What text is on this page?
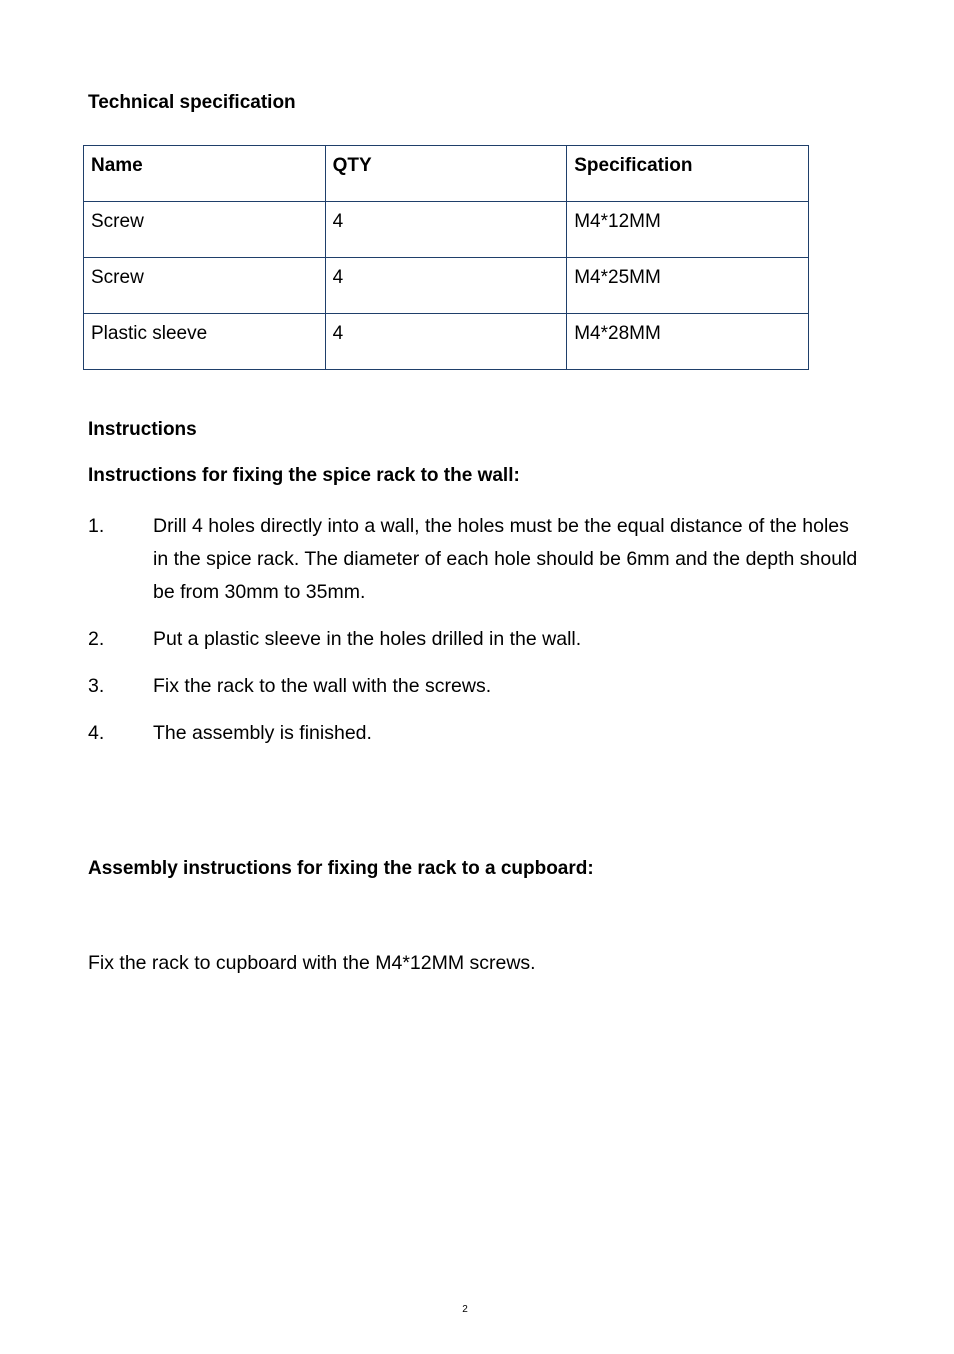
Technical specification
Name	QTY	Specification
Screw	4	M4*12MM
Screw	4	M4*25MM
Plastic sleeve	4	M4*28MM
Instructions
Instructions for fixing the spice rack to the wall:
1. Drill 4 holes directly into a wall, the holes must be the equal distance of the holes in the spice rack. The diameter of each hole should be 6mm and the depth should be from 30mm to 35mm.
2. Put a plastic sleeve in the holes drilled in the wall.
3. Fix the rack to the wall with the screws.
4. The assembly is finished.
Assembly instructions for fixing the rack to a cupboard:
Fix the rack to cupboard with the M4*12MM screws.
2
